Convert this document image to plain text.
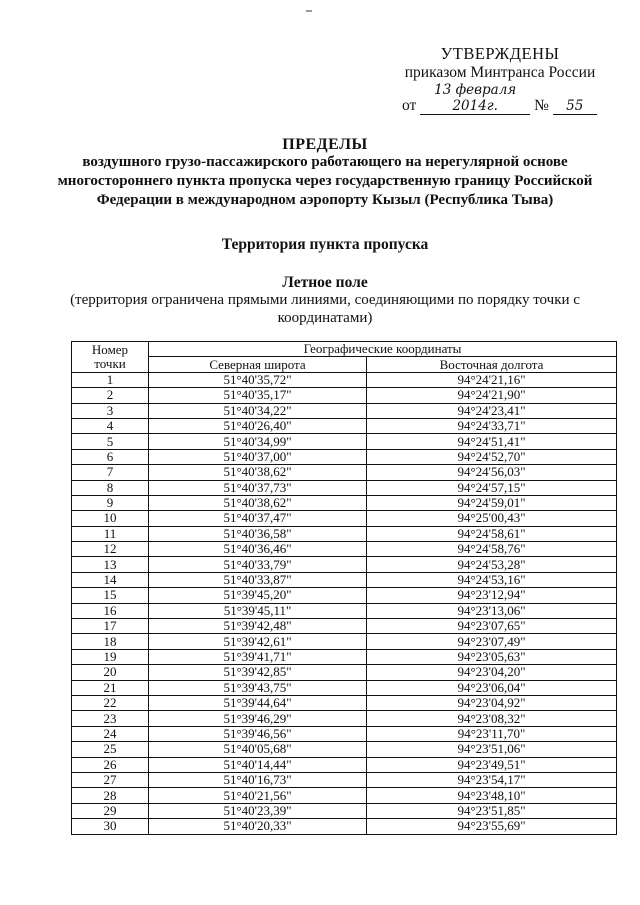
УТВЕРЖДЕНЫ
приказом Минтранса России
от 13 февраля 2014г. № 55
ПРЕДЕЛЫ
воздушного грузо-пассажирского работающего на нерегулярной основе
многостороннего пункта пропуска через государственную границу Российской
Федерации в международном аэропорту Кызыл (Республика Тыва)
Территория пункта пропуска
Летное поле
(территория ограничена прямыми линиями, соединяющими по порядку точки с
координатами)
Номер
точки	Географические координаты	
	Северная широта	Восточная долгота
1	51°40'35,72"	94°24'21,16"
2	51°40'35,17"	94°24'21,90"
3	51°40'34,22"	94°24'23,41"
4	51°40'26,40"	94°24'33,71"
5	51°40'34,99"	94°24'51,41"
6	51°40'37,00"	94°24'52,70"
7	51°40'38,62"	94°24'56,03"
8	51°40'37,73"	94°24'57,15"
9	51°40'38,62"	94°24'59,01"
10	51°40'37,47"	94°25'00,43"
11	51°40'36,58"	94°24'58,61"
12	51°40'36,46"	94°24'58,76"
13	51°40'33,79"	94°24'53,28"
14	51°40'33,87"	94°24'53,16"
15	51°39'45,20"	94°23'12,94"
16	51°39'45,11"	94°23'13,06"
17	51°39'42,48"	94°23'07,65"
18	51°39'42,61"	94°23'07,49"
19	51°39'41,71"	94°23'05,63"
20	51°39'42,85"	94°23'04,20"
21	51°39'43,75"	94°23'06,04"
22	51°39'44,64"	94°23'04,92"
23	51°39'46,29"	94°23'08,32"
24	51°39'46,56"	94°23'11,70"
25	51°40'05,68"	94°23'51,06"
26	51°40'14,44"	94°23'49,51"
27	51°40'16,73"	94°23'54,17"
28	51°40'21,56"	94°23'48,10"
29	51°40'23,39"	94°23'51,85"
30	51°40'20,33"	94°23'55,69"
